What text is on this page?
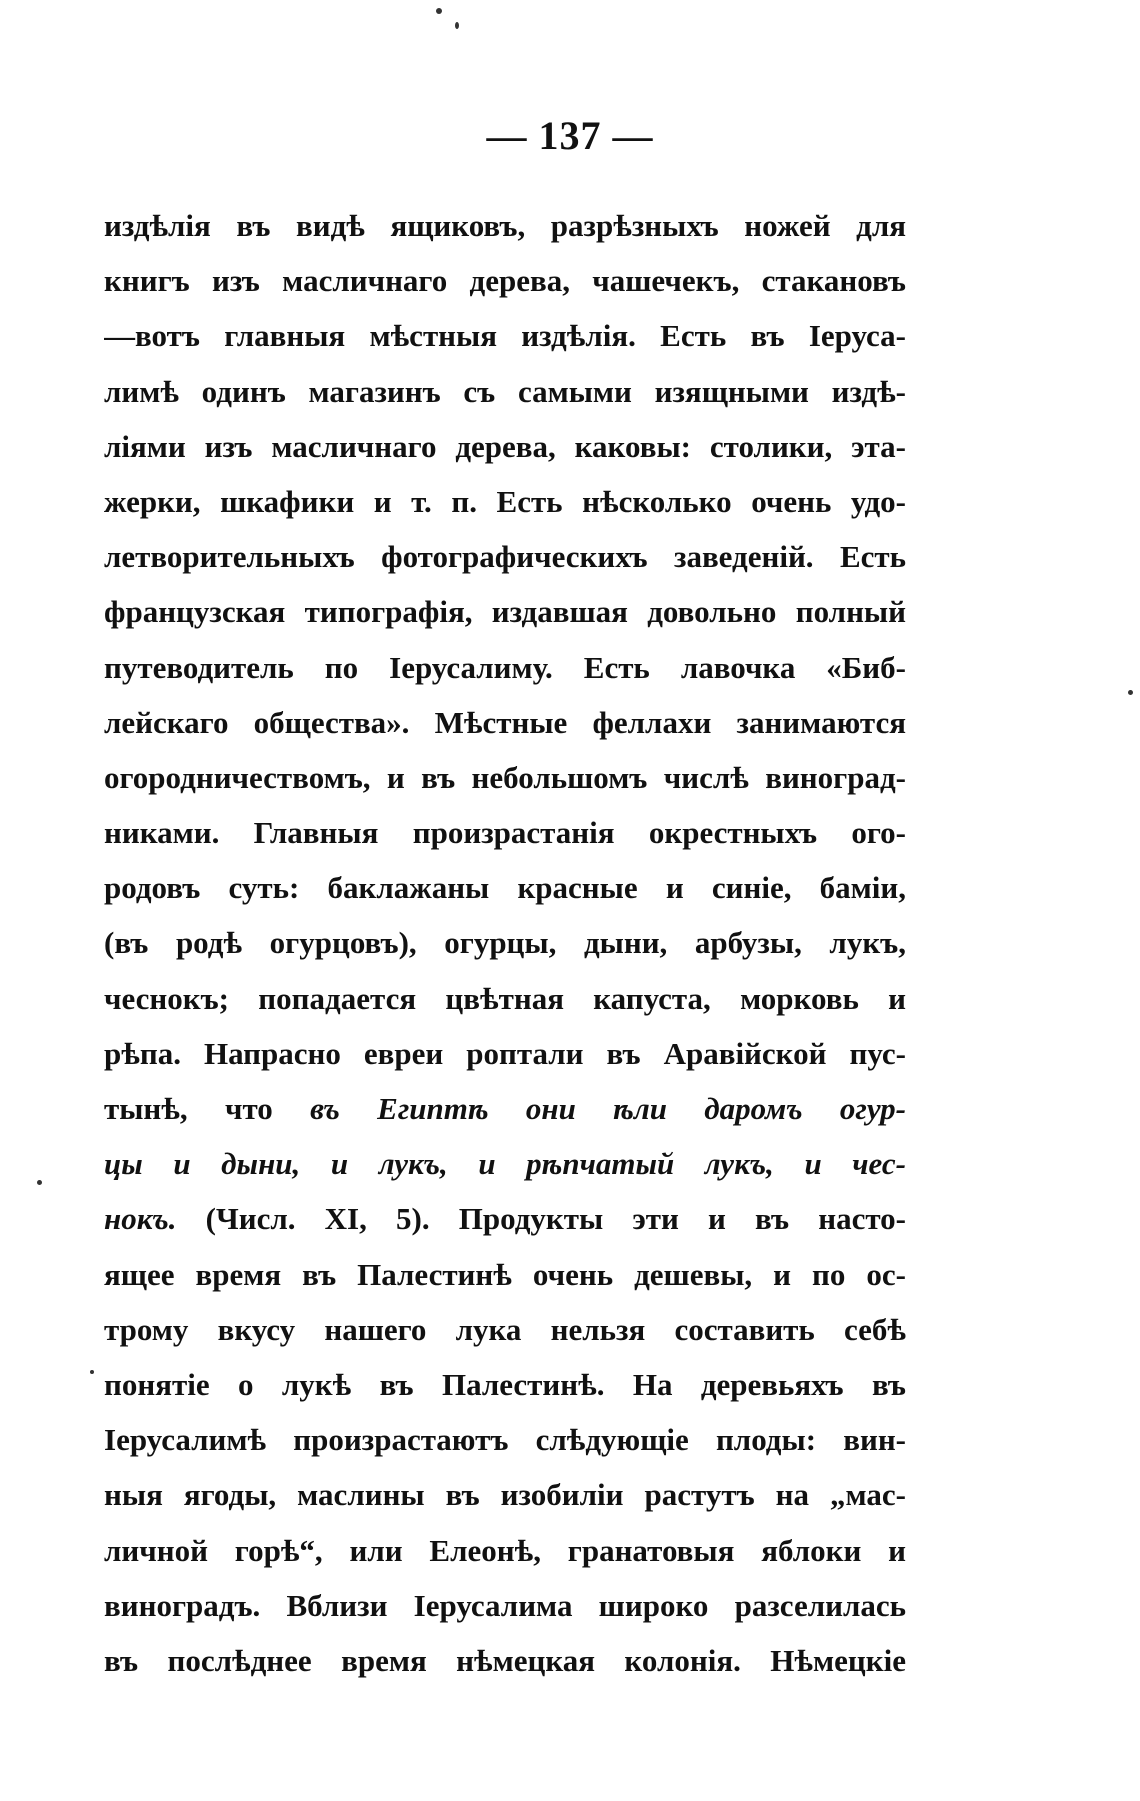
— 137 —
издѣлія въ видѣ ящиковъ, разрѣзныхъ ножей для
книгъ изъ масличнаго дерева, чашечекъ, стакановъ
—вотъ главныя мѣстныя издѣлія. Есть въ Іеруса-
лимѣ одинъ магазинъ съ самыми изящными издѣ-
ліями изъ масличнаго дерева, каковы: столики, эта-
жерки, шкафики и т. п. Есть нѣсколько очень удо-
летворительныхъ фотографическихъ заведеній. Есть
французская типографія, издавшая довольно полный
путеводитель по Іерусалиму. Есть лавочка «Биб-
лейскаго общества». Мѣстные феллахи занимаются
огородничествомъ, и въ небольшомъ числѣ виноград-
никами. Главныя произрастанія окрестныхъ ого-
родовъ суть: баклажаны красные и синіе, баміи,
(въ родѣ огурцовъ), огурцы, дыни, арбузы, лукъ,
чеснокъ; попадается цвѣтная капуста, морковь и
рѣпа. Напрасно евреи роптали въ Аравійской пус-
тынѣ, что въ Египтѣ они ѣли даромъ огур-
цы и дыни, и лукъ, и рѣпчатый лукъ, и чес-
нокъ. (Числ. XI, 5). Продукты эти и въ насто-
ящее время въ Палестинѣ очень дешевы, и по ос-
трому вкусу нашего лука нельзя составить себѣ
понятіе о лукѣ въ Палестинѣ. На деревьяхъ въ
Іерусалимѣ произрастаютъ слѣдующіе плоды: вин-
ныя ягоды, маслины въ изобиліи растутъ на „мас-
личной горѣ“, или Елеонѣ, гранатовыя яблоки и
виноградъ. Вблизи Іерусалима широко разселилась
въ послѣднее время нѣмецкая колонія. Нѣмецкіе
